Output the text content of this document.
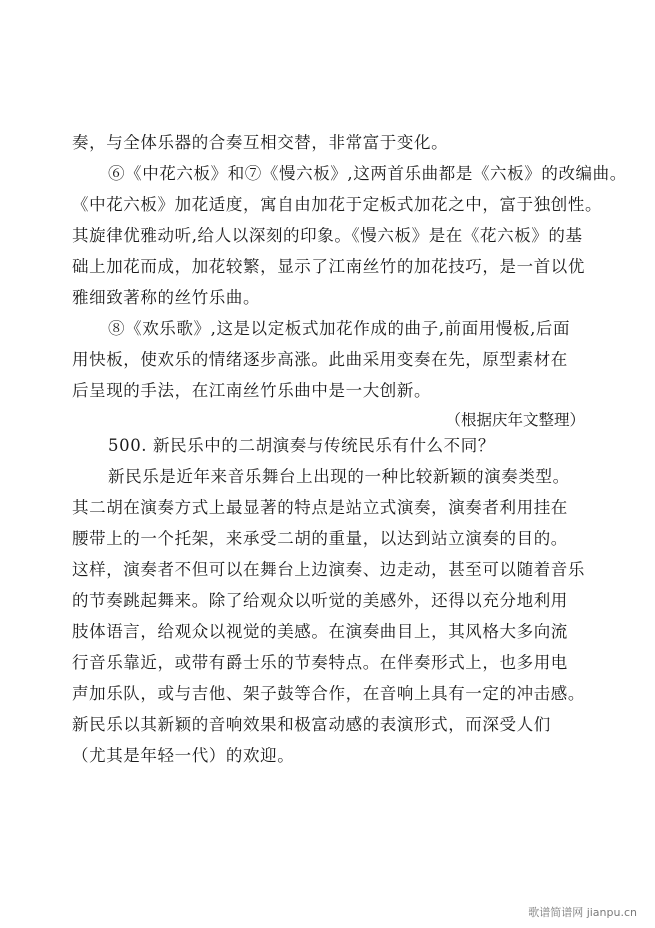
奏，与全体乐器的合奏互相交替，非常富于变化。
⑥《中花六板》和⑦《慢六板》,这两首乐曲都是《六板》的改编曲。
《中花六板》加花适度，寓自由加花于定板式加花之中，富于独创性。
其旋律优雅动听,给人以深刻的印象。《慢六板》是在《花六板》的基
础上加花而成，加花较繁，显示了江南丝竹的加花技巧，是一首以优
雅细致著称的丝竹乐曲。
⑧《欢乐歌》,这是以定板式加花作成的曲子,前面用慢板,后面
用快板，使欢乐的情绪逐步高涨。此曲采用变奏在先，原型素材在
后呈现的手法，在江南丝竹乐曲中是一大创新。
（根据庆年文整理）
500. 新民乐中的二胡演奏与传统民乐有什么不同？
新民乐是近年来音乐舞台上出现的一种比较新颖的演奏类型。
其二胡在演奏方式上最显著的特点是站立式演奏，演奏者利用挂在
腰带上的一个托架，来承受二胡的重量，以达到站立演奏的目的。
这样，演奏者不但可以在舞台上边演奏、边走动，甚至可以随着音乐
的节奏跳起舞来。除了给观众以听觉的美感外，还得以充分地利用
肢体语言，给观众以视觉的美感。在演奏曲目上，其风格大多向流
行音乐靠近，或带有爵士乐的节奏特点。在伴奏形式上，也多用电
声加乐队，或与吉他、架子鼓等合作，在音响上具有一定的冲击感。
新民乐以其新颖的音响效果和极富动感的表演形式，而深受人们
（尤其是年轻一代）的欢迎。
歌谱简谱网 jianpu.cn
